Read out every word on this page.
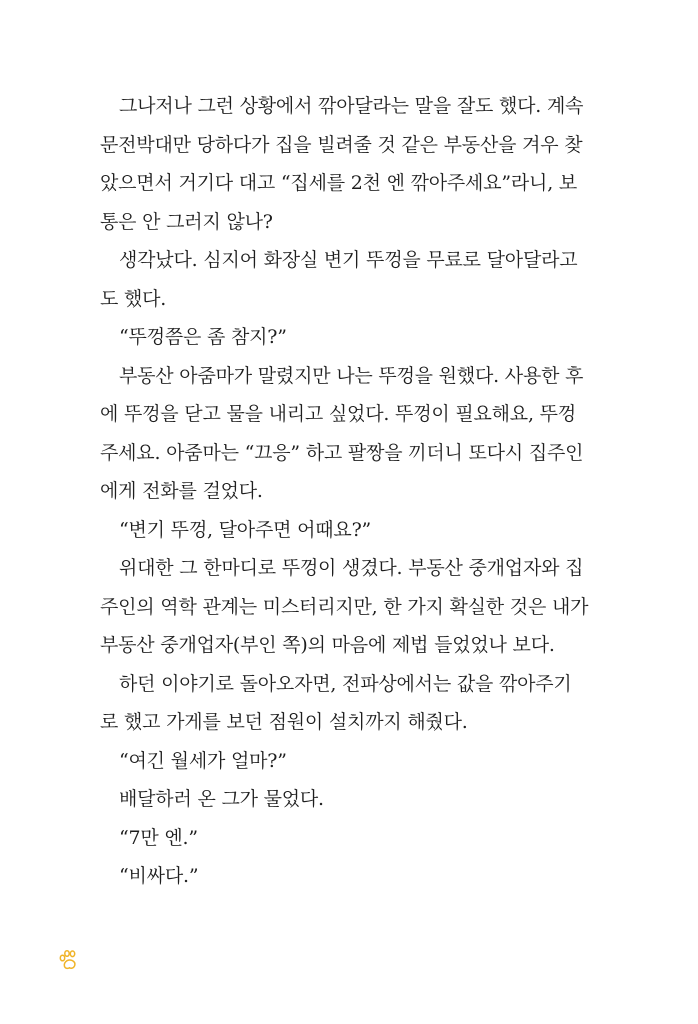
그나저나 그런 상황에서 깎아달라는 말을 잘도 했다. 계속
문전박대만 당하다가 집을 빌려줄 것 같은 부동산을 겨우 찾
았으면서 거기다 대고 “집세를 2천 엔 깎아주세요”라니, 보
통은 안 그러지 않나?
생각났다. 심지어 화장실 변기 뚜껑을 무료로 달아달라고
도 했다.
“뚜껑쯤은 좀 참지?”
부동산 아줌마가 말렸지만 나는 뚜껑을 원했다. 사용한 후
에 뚜껑을 닫고 물을 내리고 싶었다. 뚜껑이 필요해요, 뚜껑
주세요. 아줌마는 “끄응” 하고 팔짱을 끼더니 또다시 집주인
에게 전화를 걸었다.
“변기 뚜껑, 달아주면 어때요?”
위대한 그 한마디로 뚜껑이 생겼다. 부동산 중개업자와 집
주인의 역학 관계는 미스터리지만, 한 가지 확실한 것은 내가
부동산 중개업자(부인 쪽)의 마음에 제법 들었었나 보다.
하던 이야기로 돌아오자면, 전파상에서는 값을 깎아주기
로 했고 가게를 보던 점원이 설치까지 해줬다.
“여긴 월세가 얼마?”
배달하러 온 그가 물었다.
“7만 엔.”
“비싸다.”
